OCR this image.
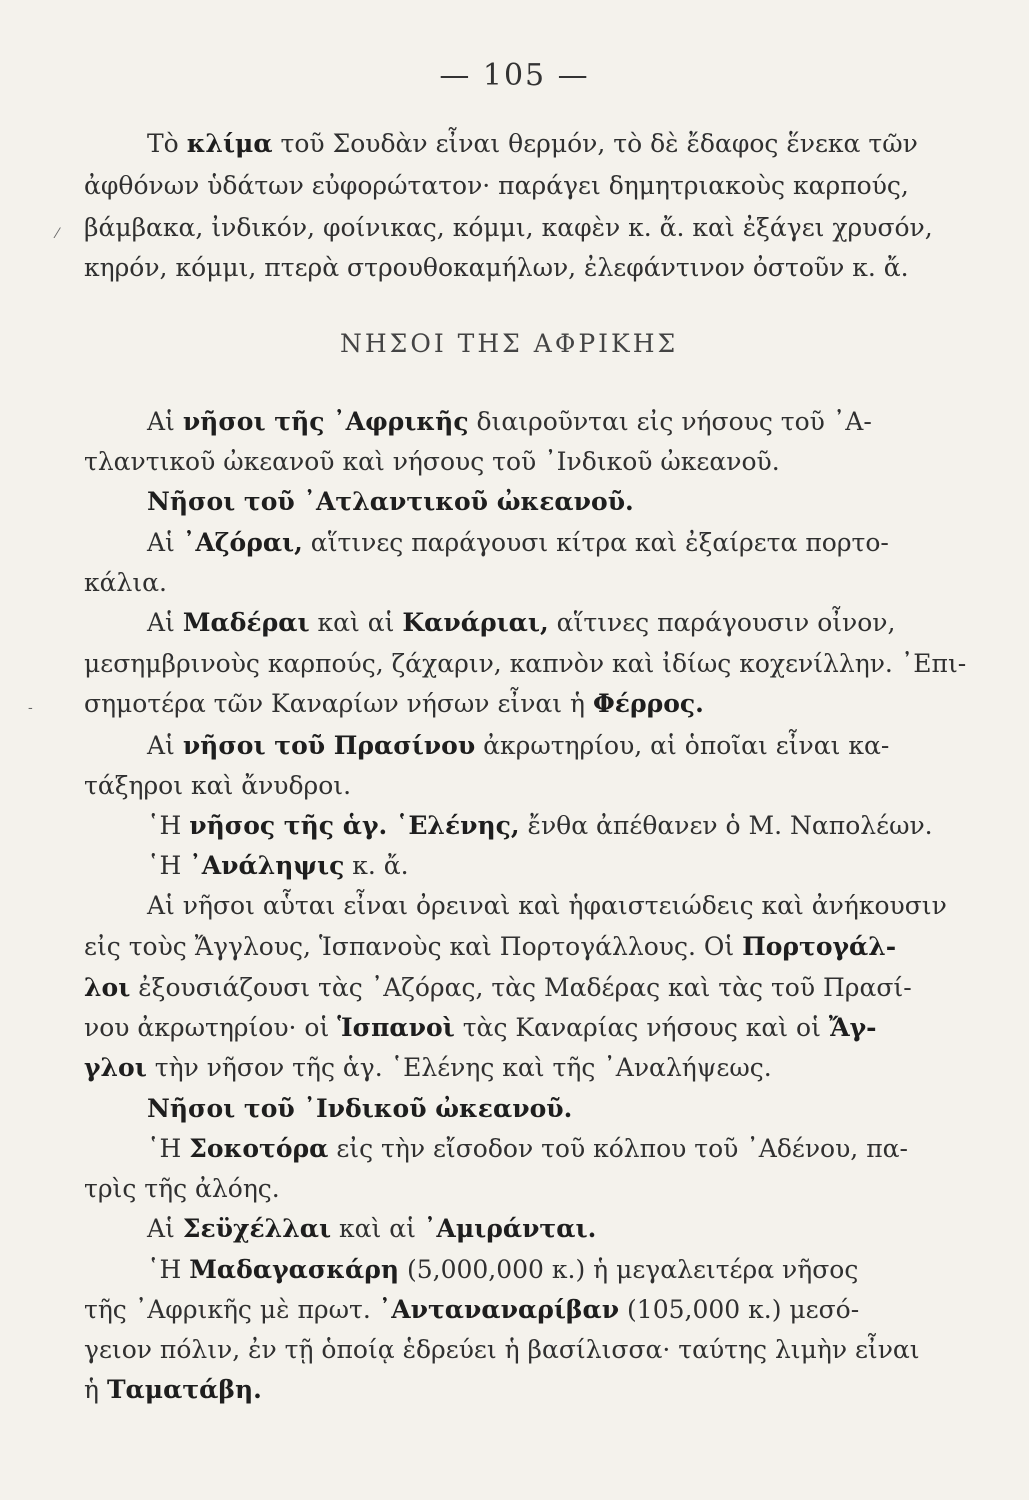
— 105 —
Τὸ κλίμα τοῦ Σουδὰν εἶναι θερμόν, τὸ δὲ ἔδαφος ἕνεκα τῶν
ἀφθόνων ὑδάτων εὐφορώτατον· παράγει δημητριακοὺς καρπούς,
βάμβακα, ἰνδικόν, φοίνικας, κόμμι, καφὲν κ. ἄ. καὶ ἐξάγει χρυσόν,
κηρόν, κόμμι, πτερὰ στρουθοκαμήλων, ἐλεφάντινον ὀστοῦν κ. ἄ.
ΝΗΣΟΙ ΤΗΣ ΑΦΡΙΚΗΣ
Αἱ νῆσοι τῆς ᾿Αφρικῆς διαιροῦνται εἰς νήσους τοῦ ᾿Α-
τλαντικοῦ ὠκεανοῦ καὶ νήσους τοῦ ᾿Ινδικοῦ ὠκεανοῦ.
Νῆσοι τοῦ ᾿Ατλαντικοῦ ὠκεανοῦ.
Αἱ ᾿Αζόραι, αἵτινες παράγουσι κίτρα καὶ ἐξαίρετα πορτο-
κάλια.
Αἱ Μαδέραι καὶ αἱ Κανάριαι, αἵτινες παράγουσιν οἶνον,
μεσημβρινοὺς καρπούς, ζάχαριν, καπνὸν καὶ ἰδίως κοχενίλλην. ᾿Επι-
σημοτέρα τῶν Καναρίων νήσων εἶναι ἡ Φέρρος.
Αἱ νῆσοι τοῦ Πρασίνου ἀκρωτηρίου, αἱ ὁποῖαι εἶναι κα-
τάξηροι καὶ ἄνυδροι.
῾Η νῆσος τῆς ἁγ. ῾Ελένης, ἔνθα ἀπέθανεν ὁ Μ. Ναπολέων.
῾Η ᾿Ανάληψις κ. ἄ.
Αἱ νῆσοι αὗται εἶναι ὀρειναὶ καὶ ἡφαιστειώδεις καὶ ἀνήκουσιν
εἰς τοὺς Ἄγγλους, Ἱσπανοὺς καὶ Πορτογάλλους. Οἱ Πορτογάλ-
λοι ἐξουσιάζουσι τὰς ᾿Αζόρας, τὰς Μαδέρας καὶ τὰς τοῦ Πρασί-
νου ἀκρωτηρίου· οἱ Ἱσπανοὶ τὰς Καναρίας νήσους καὶ οἱ Ἄγ-
γλοι τὴν νῆσον τῆς ἁγ. ῾Ελένης καὶ τῆς ᾿Αναλήψεως.
Νῆσοι τοῦ ᾿Ινδικοῦ ὠκεανοῦ.
῾Η Σοκοτόρα εἰς τὴν εἴσοδον τοῦ κόλπου τοῦ ᾿Αδένου, πα-
τρὶς τῆς ἀλόης.
Αἱ Σεϋχέλλαι καὶ αἱ ᾿Αμιράνται.
῾Η Μαδαγασκάρη (5,000,000 κ.) ἡ μεγαλειτέρα νῆσος
τῆς ᾿Αφρικῆς μὲ πρωτ. ᾿Ανταναναρίβαν (105,000 κ.) μεσό-
γειον πόλιν, ἐν τῇ ὁποίᾳ ἑδρεύει ἡ βασίλισσα· ταύτης λιμὴν εἶναι
ἡ Ταματάβη.
⁄
-
